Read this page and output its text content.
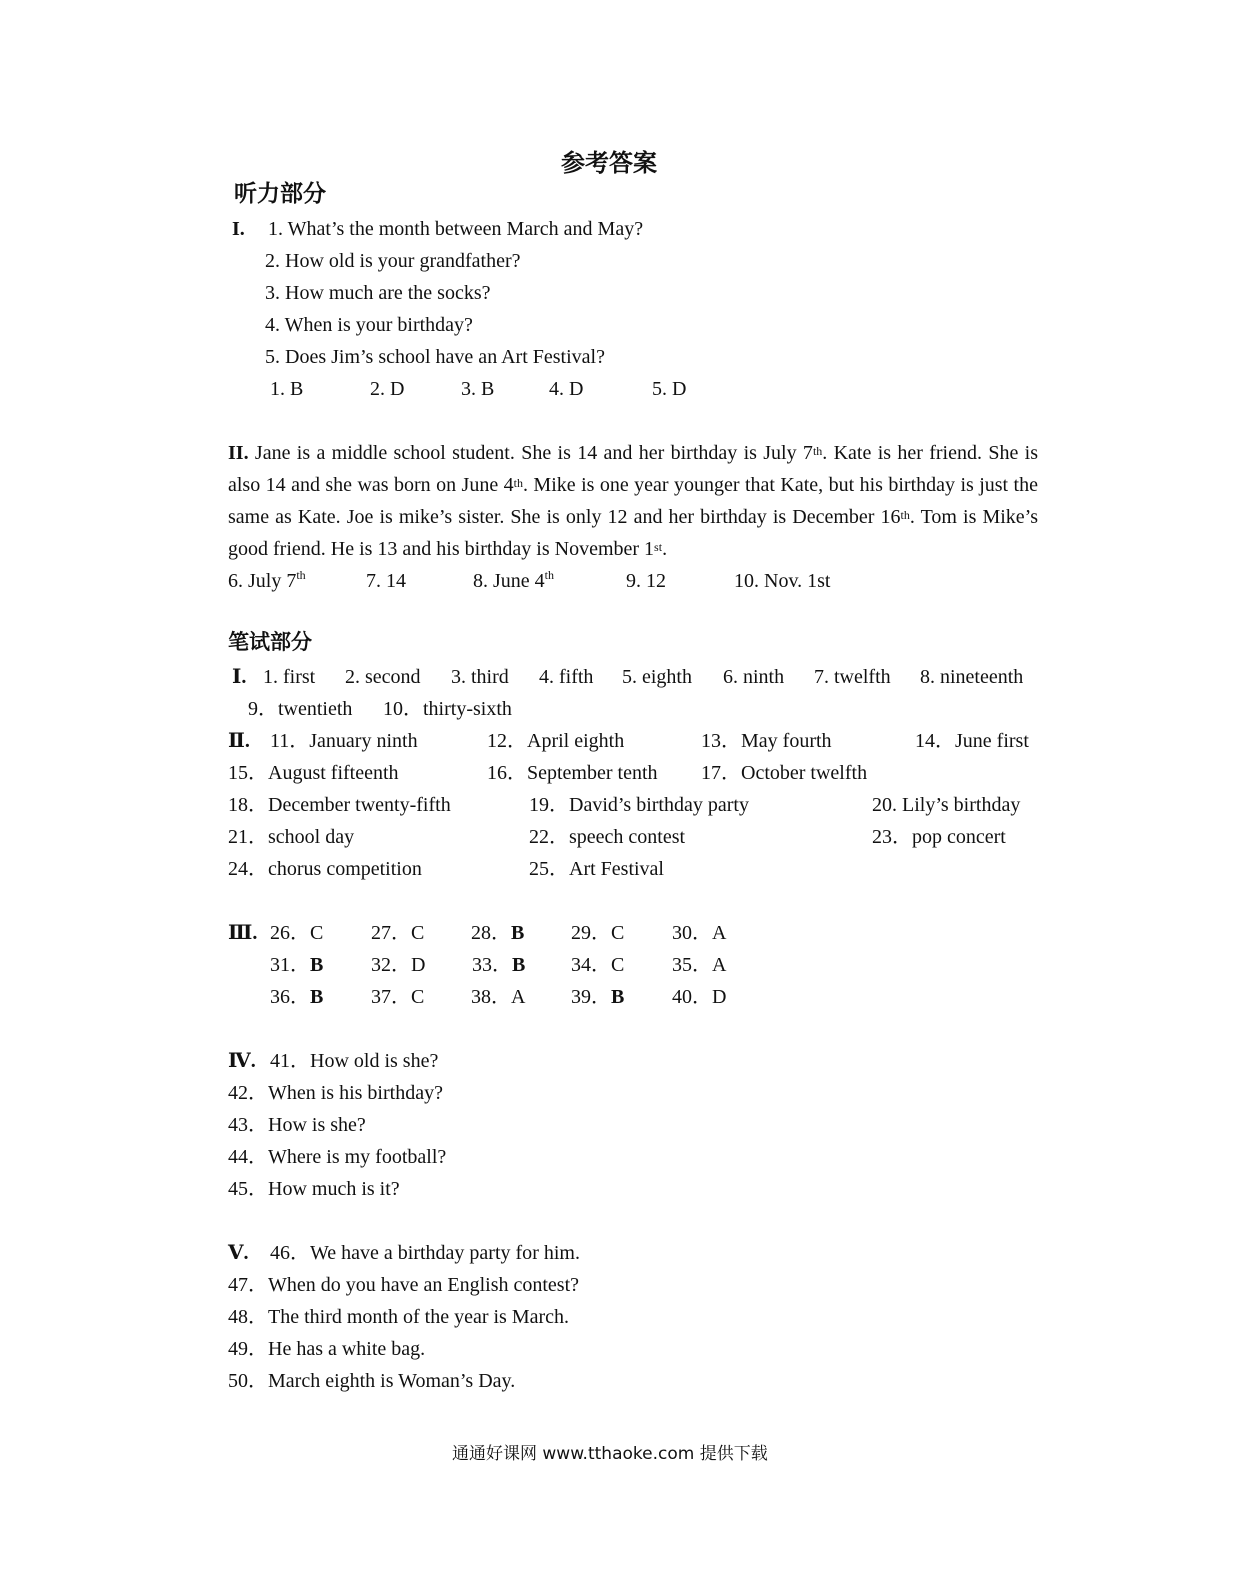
参考答案
听力部分
I. 1. What’s the month between March and May?
2. How old is your grandfather?
3. How much are the socks?
4. When is your birthday?
5. Does Jim’s school have an Art Festival?
1. B	2. D	3. B	4. D	5. D
II. Jane is a middle school student. She is 14 and her birthday is July 7th. Kate is her friend. She is also 14 and she was born on June 4th. Mike is one year younger that Kate, but his birthday is just the same as Kate. Joe is mike’s sister. She is only 12 and her birthday is December 16th. Tom is Mike’s good friend. He is 13 and his birthday is November 1st.
6. July 7th	7. 14	8. June 4th	9. 12	10. Nov. 1st
笔试部分
Ⅰ. 1. first 2. second 3. third 4. fifth 5. eighth 6. ninth 7. twelfth 8. nineteenth
9．twentieth 10．thirty-sixth
Ⅱ. 11．January ninth	12．April eighth	13．May fourth	14．June first
15．August fifteenth	16．September tenth 17．October twelfth
18．December twenty-fifth	19．David’s birthday party	20. Lily’s birthday
21．school day	22．speech contest	23．pop concert
24．chorus competition	25．Art Festival
Ⅲ. 26．C 27．C 28．B 29．C 30．A
31．B 32．D 33．B 34．C 35．A
36．B 37．C 38．A 39．B 40．D
Ⅳ. 41．How old is she?
42．When is his birthday?
43．How is she?
44．Where is my football?
45．How much is it?
Ⅴ. 46．We have a birthday party for him.
47．When do you have an English contest?
48．The third month of the year is March.
49．He has a white bag.
50．March eighth is Woman’s Day.
通通好课网 www.tthaoke.com 提供下载
